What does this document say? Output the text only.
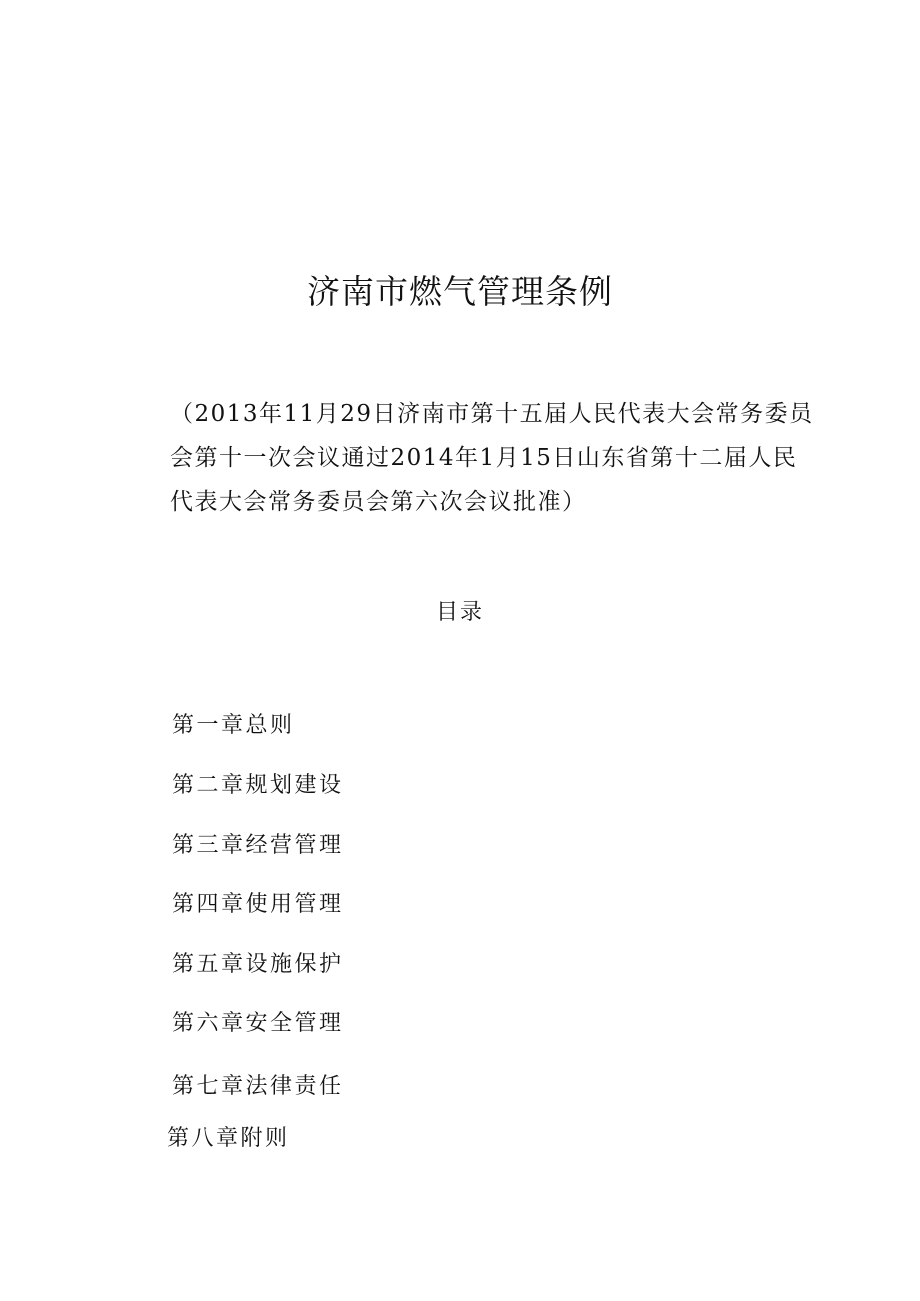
济南市燃气管理条例

（2013年11月29日济南市第十五届人民代表大会常务委员会第十一次会议通过2014年1月15日山东省第十二届人民代表大会常务委员会第六次会议批准）

目录
第一章总则
第二章规划建设
第三章经营管理
第四章使用管理
第五章设施保护
第六章安全管理
第七章法律责任
第八章附则
